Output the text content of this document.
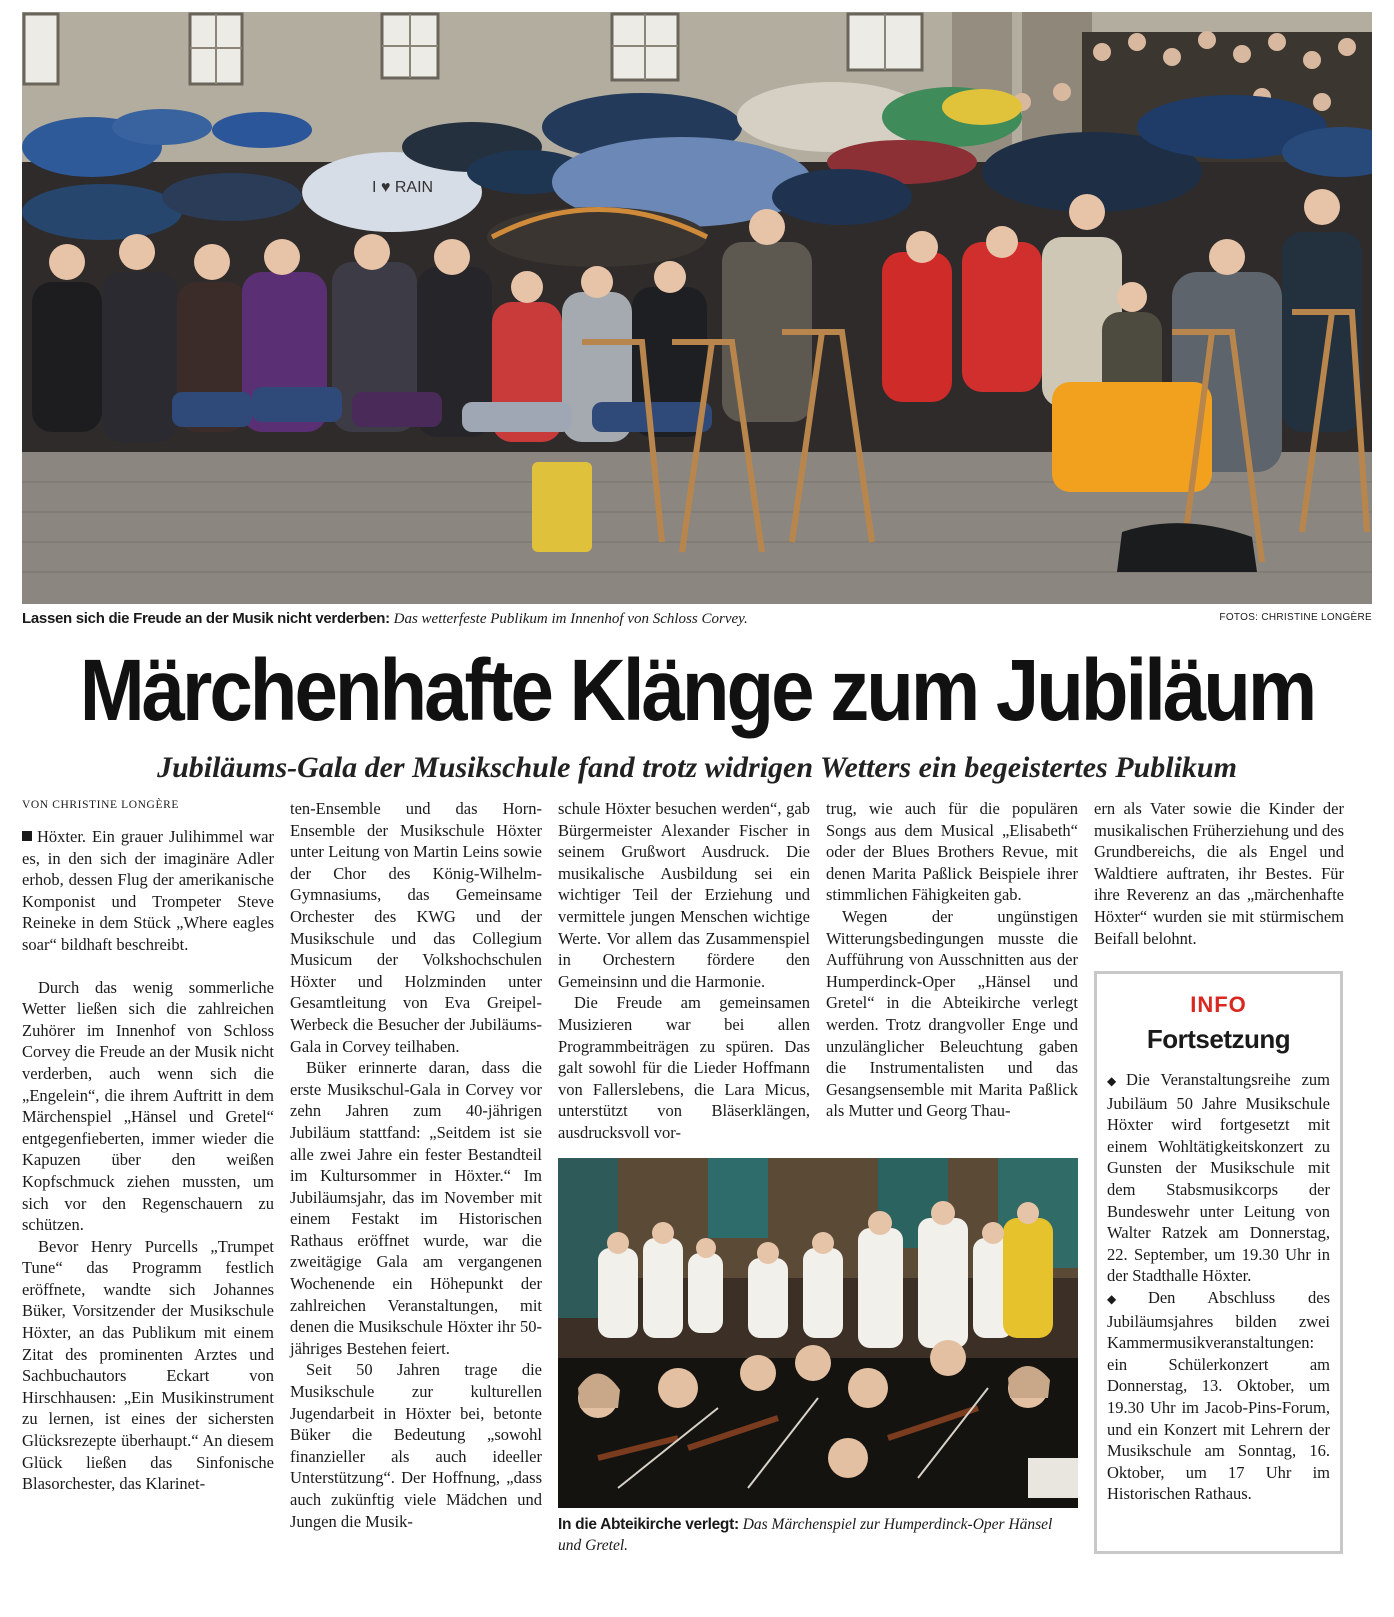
I ♥ RAIN
Lassen sich die Freude an der Musik nicht verderben: Das wetterfeste Publikum im Innenhof von Schloss Corvey.	FOTOS: CHRISTINE LONGÈRE
Märchenhafte Klänge zum Jubiläum
Jubiläums-Gala der Musikschule fand trotz widrigen Wetters ein begeistertes Publikum
VON CHRISTINE LONGÈRE

Höxter. Ein grauer Julihimmel war es, in den sich der imaginäre Adler erhob, dessen Flug der amerikanische Komponist und Trompeter Steve Reineke in dem Stück „Where eagles soar“ bildhaft beschreibt.

Durch das wenig sommerliche Wetter ließen sich die zahlreichen Zuhörer im Innenhof von Schloss Corvey die Freude an der Musik nicht verderben, auch wenn sich die „Engelein“, die ihrem Auftritt in dem Märchenspiel „Hänsel und Gretel“ entgegenfieberten, immer wieder die Kapuzen über den weißen Kopfschmuck ziehen mussten, um sich vor den Regenschauern zu schützen.

Bevor Henry Purcells „Trumpet Tune“ das Programm festlich eröffnete, wandte sich Johannes Büker, Vorsitzender der Musikschule Höxter, an das Publikum mit einem Zitat des prominenten Arztes und Sachbuchautors Eckart von Hirschhausen: „Ein Musikinstrument zu lernen, ist eines der sichersten Glücksrezepte überhaupt.“ An diesem Glück ließen das Sinfonische Blasorchester, das Klarinet-

ten-Ensemble und das Horn-Ensemble der Musikschule Höxter unter Leitung von Martin Leins sowie der Chor des König-Wilhelm-Gymnasiums, das Gemeinsame Orchester des KWG und der Musikschule und das Collegium Musicum der Volkshochschulen Höxter und Holzminden unter Gesamtleitung von Eva Greipel-Werbeck die Besucher der Jubiläums-Gala in Corvey teilhaben.

Büker erinnerte daran, dass die erste Musikschul-Gala in Corvey vor zehn Jahren zum 40-jährigen Jubiläum stattfand: „Seitdem ist sie alle zwei Jahre ein fester Bestandteil im Kultursommer in Höxter.“ Im Jubiläumsjahr, das im November mit einem Festakt im Historischen Rathaus eröffnet wurde, war die zweitägige Gala am vergangenen Wochenende ein Höhepunkt der zahlreichen Veranstaltungen, mit denen die Musikschule Höxter ihr 50-jähriges Bestehen feiert.

Seit 50 Jahren trage die Musikschule zur kulturellen Jugendarbeit in Höxter bei, betonte Büker die Bedeutung „sowohl finanzieller als auch ideeller Unterstützung“. Der Hoffnung, „dass auch zukünftig viele Mädchen und Jungen die Musik-

schule Höxter besuchen werden“, gab Bürgermeister Alexander Fischer in seinem Grußwort Ausdruck. Die musikalische Ausbildung sei ein wichtiger Teil der Erziehung und vermittele jungen Menschen wichtige Werte. Vor allem das Zusammenspiel in Orchestern fördere den Gemeinsinn und die Harmonie.

Die Freude am gemeinsamen Musizieren war bei allen Programmbeiträgen zu spüren. Das galt sowohl für die Lieder Hoffmann von Fallerslebens, die Lara Micus, unterstützt von Bläserklängen, ausdrucksvoll vor-

trug, wie auch für die populären Songs aus dem Musical „Elisabeth“ oder der Blues Brothers Revue, mit denen Marita Paßlick Beispiele ihrer stimmlichen Fähigkeiten gab.

Wegen der ungünstigen Witterungsbedingungen musste die Aufführung von Ausschnitten aus der Humperdinck-Oper „Hänsel und Gretel“ in die Abteikirche verlegt werden. Trotz drangvoller Enge und unzulänglicher Beleuchtung gaben die Instrumentalisten und das Gesangsensemble mit Marita Paßlick als Mutter und Georg Thau-

ern als Vater sowie die Kinder der musikalischen Früherziehung und des Grundbereichs, die als Engel und Waldtiere auftraten, ihr Bestes. Für ihre Reverenz an das „märchenhafte Höxter“ wurden sie mit stürmischem Beifall belohnt.

In die Abteikirche verlegt: Das Märchenspiel zur Humperdinck-Oper Hänsel und Gretel.
INFO
Fortsetzung

◆ Die Veranstaltungsreihe zum Jubiläum 50 Jahre Musikschule Höxter wird fortgesetzt mit einem Wohltätigkeitskonzert zu Gunsten der Musikschule mit dem Stabsmusikcorps der Bundeswehr unter Leitung von Walter Ratzek am Donnerstag, 22. September, um 19.30 Uhr in der Stadthalle Höxter.

◆ Den Abschluss des Jubiläumsjahres bilden zwei Kammermusikveranstaltungen: ein Schülerkonzert am Donnerstag, 13. Oktober, um 19.30 Uhr im Jacob-Pins-Forum, und ein Konzert mit Lehrern der Musikschule am Sonntag, 16. Oktober, um 17 Uhr im Historischen Rathaus.
